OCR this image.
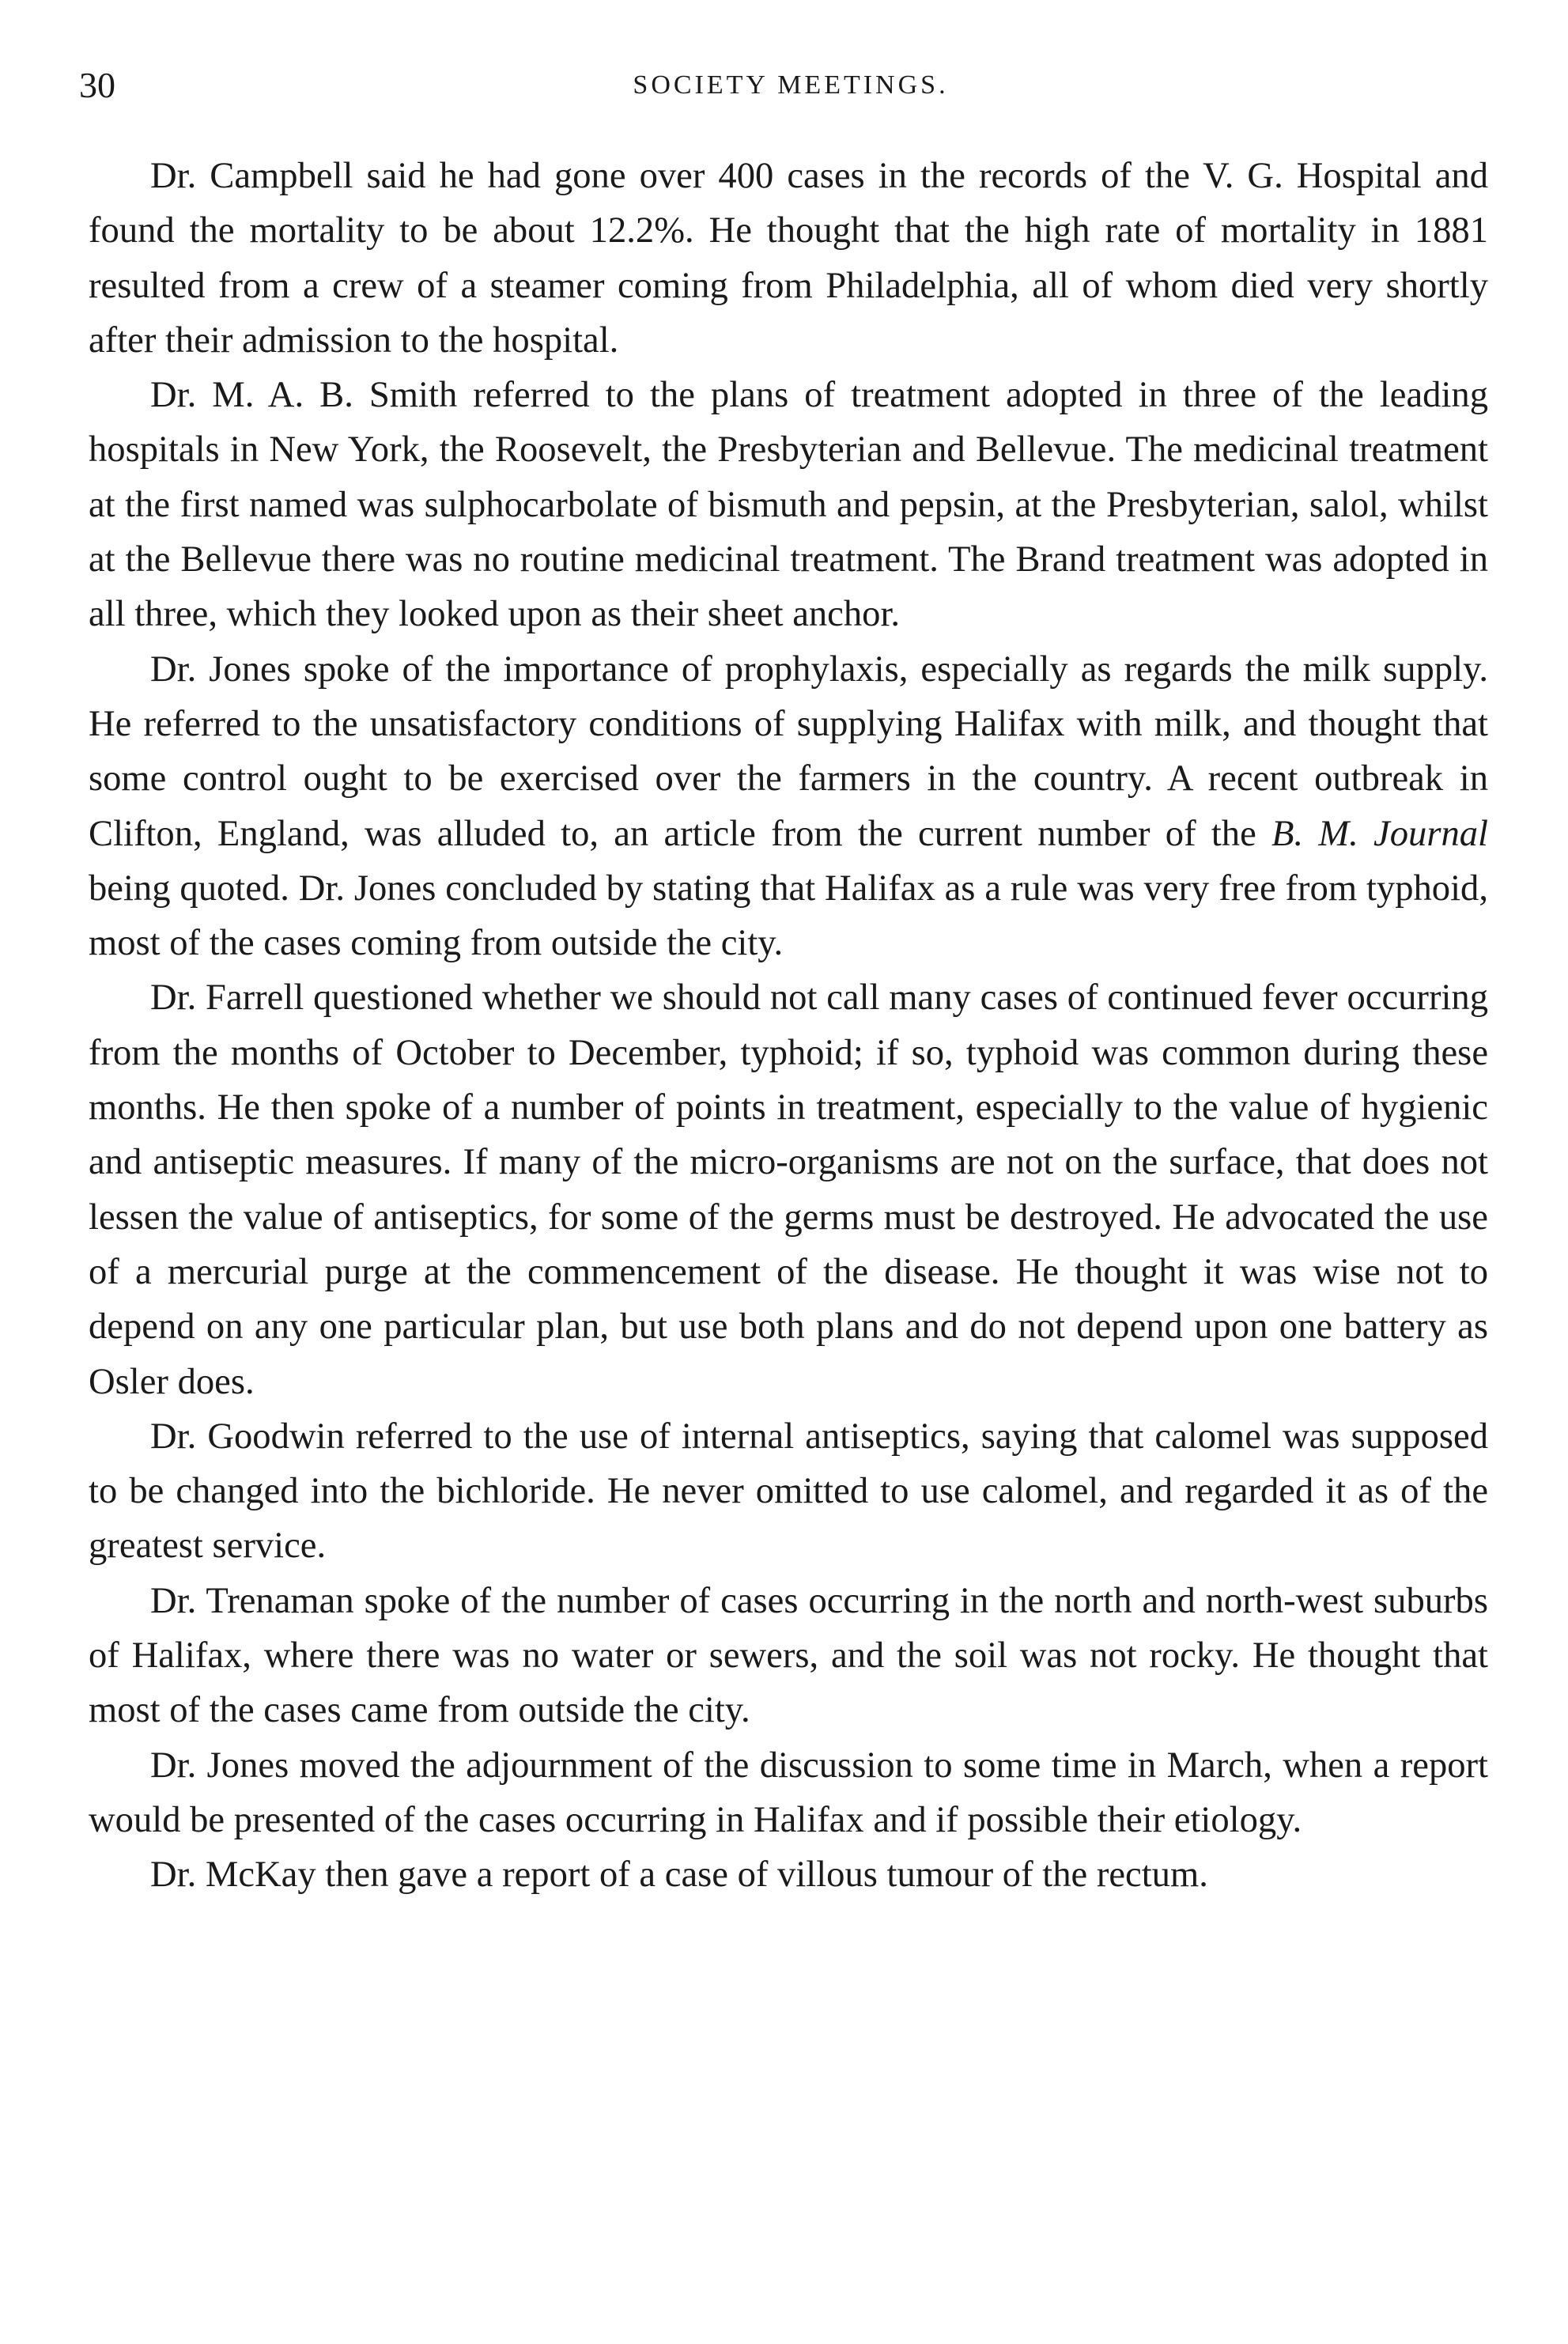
30	SOCIETY MEETINGS.

Dr. Campbell said he had gone over 400 cases in the records of the V. G. Hospital and found the mortality to be about 12.2%. He thought that the high rate of mortality in 1881 resulted from a crew of a steamer coming from Philadelphia, all of whom died very shortly after their admission to the hospital.

Dr. M. A. B. Smith referred to the plans of treatment adopted in three of the leading hospitals in New York, the Roosevelt, the Presbyterian and Bellevue. The medicinal treatment at the first named was sulphocarbolate of bismuth and pepsin, at the Presbyterian, salol, whilst at the Bellevue there was no routine medicinal treatment. The Brand treatment was adopted in all three, which they looked upon as their sheet anchor.

Dr. Jones spoke of the importance of prophylaxis, especially as regards the milk supply. He referred to the unsatisfactory conditions of supplying Halifax with milk, and thought that some control ought to be exercised over the farmers in the country. A recent outbreak in Clifton, England, was alluded to, an article from the current number of the B. M. Journal being quoted. Dr. Jones concluded by stating that Halifax as a rule was very free from typhoid, most of the cases coming from outside the city.

Dr. Farrell questioned whether we should not call many cases of continued fever occurring from the months of October to December, typhoid; if so, typhoid was common during these months. He then spoke of a number of points in treatment, especially to the value of hygienic and antiseptic measures. If many of the micro-organisms are not on the surface, that does not lessen the value of antiseptics, for some of the germs must be destroyed. He advocated the use of a mercurial purge at the commencement of the disease. He thought it was wise not to depend on any one particular plan, but use both plans and do not depend upon one battery as Osler does.

Dr. Goodwin referred to the use of internal antiseptics, saying that calomel was supposed to be changed into the bichloride. He never omitted to use calomel, and regarded it as of the greatest service.

Dr. Trenaman spoke of the number of cases occurring in the north and north-west suburbs of Halifax, where there was no water or sewers, and the soil was not rocky. He thought that most of the cases came from outside the city.

Dr. Jones moved the adjournment of the discussion to some time in March, when a report would be presented of the cases occurring in Halifax and if possible their etiology.

Dr. McKay then gave a report of a case of villous tumour of the rectum.
